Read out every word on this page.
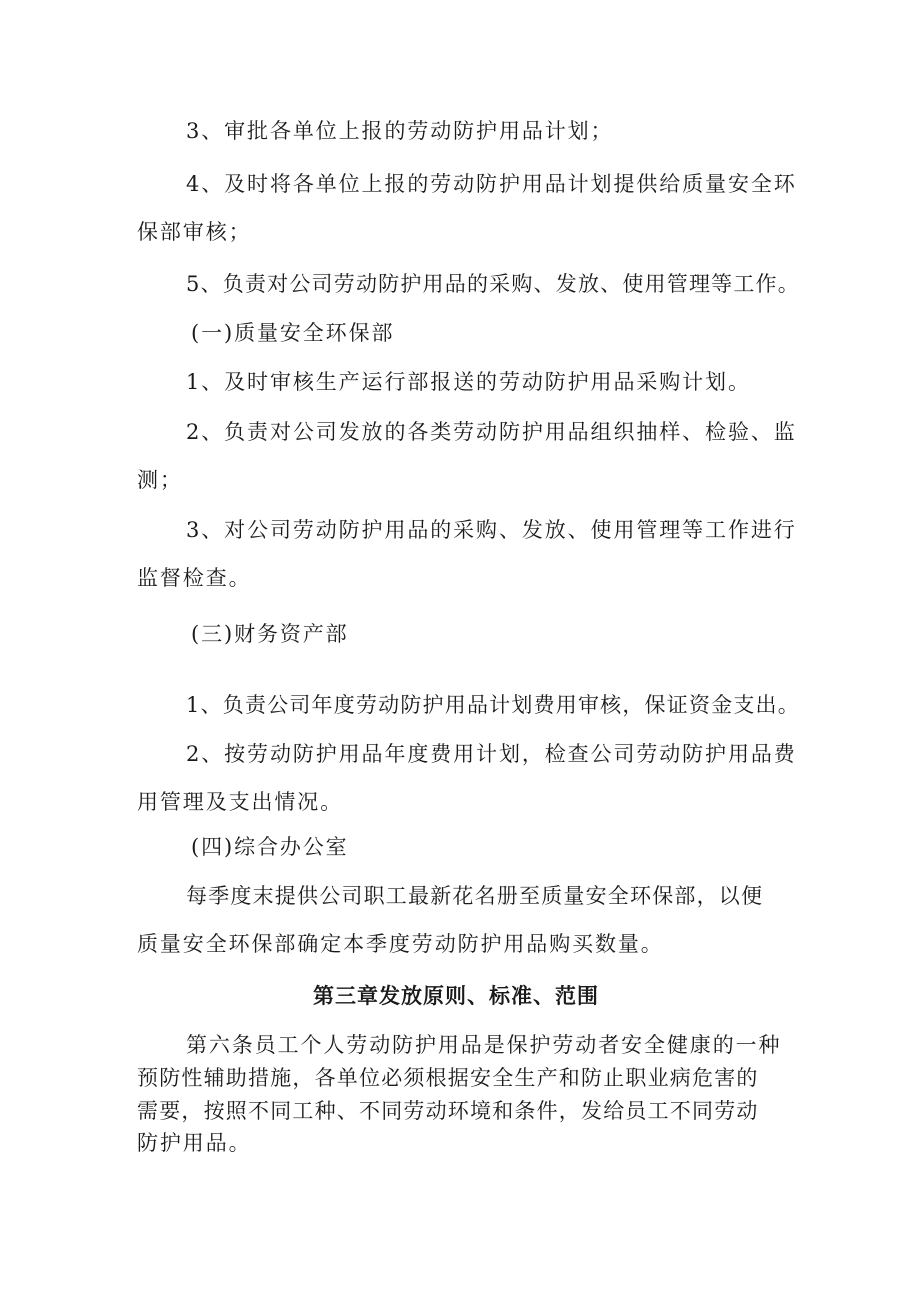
3、审批各单位上报的劳动防护用品计划；
4、及时将各单位上报的劳动防护用品计划提供给质量安全环
保部审核；
5、负责对公司劳动防护用品的采购、发放、使用管理等工作。
(一)质量安全环保部
1、及时审核生产运行部报送的劳动防护用品采购计划。
2、负责对公司发放的各类劳动防护用品组织抽样、检验、监
测；
3、对公司劳动防护用品的采购、发放、使用管理等工作进行
监督检查。
(三)财务资产部
1、负责公司年度劳动防护用品计划费用审核，保证资金支出。
2、按劳动防护用品年度费用计划，检查公司劳动防护用品费
用管理及支出情况。
(四)综合办公室
每季度末提供公司职工最新花名册至质量安全环保部，以便
质量安全环保部确定本季度劳动防护用品购买数量。
第三章发放原则、标准、范围
第六条员工个人劳动防护用品是保护劳动者安全健康的一种
预防性辅助措施，各单位必须根据安全生产和防止职业病危害的
需要，按照不同工种、不同劳动环境和条件，发给员工不同劳动
防护用品。
